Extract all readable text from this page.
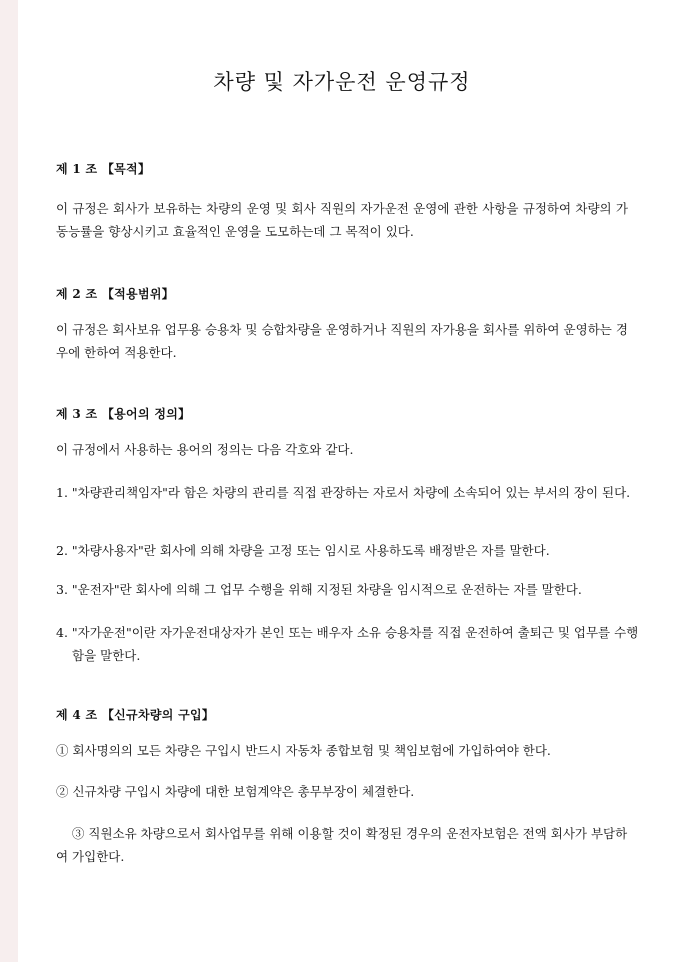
차량 및 자가운전 운영규정
제 1 조 【목적】
이 규정은 회사가 보유하는 차량의 운영 및 회사 직원의 자가운전 운영에 관한 사항을 규정하여 차량의 가동능률을 향상시키고 효율적인 운영을 도모하는데 그 목적이 있다.
제 2 조 【적용범위】
이 규정은 회사보유 업무용 승용차 및 승합차량을 운영하거나 직원의 자가용을 회사를 위하여 운영하는 경우에 한하여 적용한다.
제 3 조 【용어의 정의】
이 규정에서 사용하는 용어의 정의는 다음 각호와 같다.
1. "차량관리책임자"라 함은 차량의 관리를 직접 관장하는 자로서 차량에 소속되어 있는 부서의 장이 된다.
2. "차량사용자"란 회사에 의해 차량을 고정 또는 임시로 사용하도록 배정받은 자를 말한다.
3. "운전자"란 회사에 의해 그 업무 수행을 위해 지정된 차량을 임시적으로 운전하는 자를 말한다.
4. "자가운전"이란 자가운전대상자가 본인 또는 배우자 소유 승용차를 직접 운전하여 출퇴근 및 업무를 수행함을 말한다.
제 4 조 【신규차량의 구입】
① 회사명의의 모든 차량은 구입시 반드시 자동차 종합보험 및 책임보험에 가입하여야 한다.
② 신규차량 구입시 차량에 대한 보험계약은 총무부장이 체결한다.
③ 직원소유 차량으로서 회사업무를 위해 이용할 것이 확정된 경우의 운전자보험은 전액 회사가 부담하여 가입한다.
